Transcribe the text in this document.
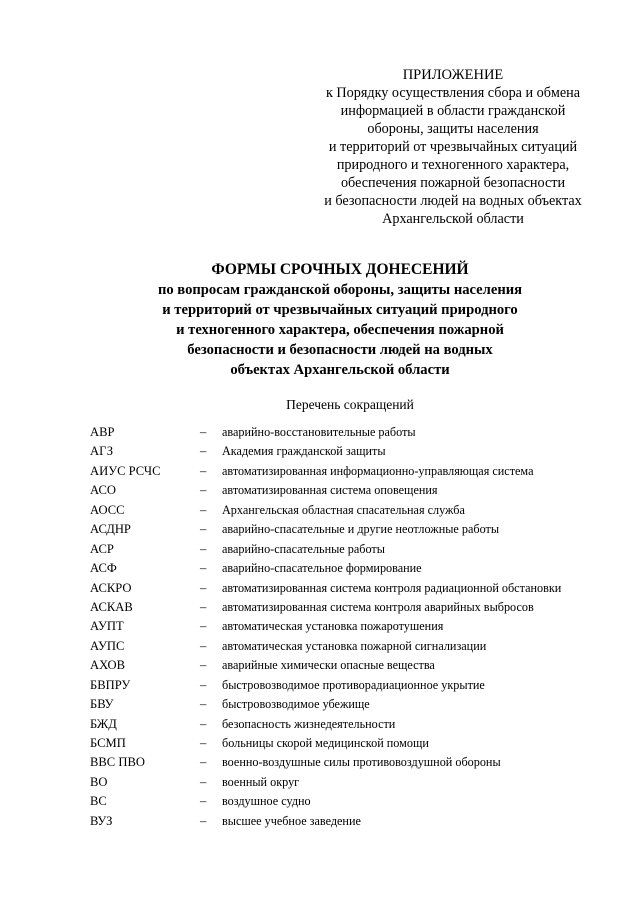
ПРИЛОЖЕНИЕ
к Порядку осуществления сбора и обмена
информацией в области гражданской
обороны, защиты населения
и территорий от чрезвычайных ситуаций
природного и техногенного характера,
обеспечения пожарной безопасности
и безопасности людей на водных объектах
Архангельской области
ФОРМЫ СРОЧНЫХ ДОНЕСЕНИЙ
по вопросам гражданской обороны, защиты населения
и территорий от чрезвычайных ситуаций природного
и техногенного характера, обеспечения пожарной
безопасности и безопасности людей на водных
объектах Архангельской области
Перечень сокращений
АВР	– аварийно-восстановительные работы
АГЗ	– Академия гражданской защиты
АИУС РСЧС	– автоматизированная информационно-управляющая система
АСО	– автоматизированная система оповещения
АОСС	– Архангельская областная спасательная служба
АСДНР	– аварийно-спасательные и другие неотложные работы
АСР	– аварийно-спасательные работы
АСФ	– аварийно-спасательное формирование
АСКРО	– автоматизированная система контроля радиационной обстановки
АСКАВ	– автоматизированная система контроля аварийных выбросов
АУПТ	– автоматическая установка пожаротушения
АУПС	– автоматическая установка пожарной сигнализации
АХОВ	– аварийные химически опасные вещества
БВПРУ	– быстровозводимое противорадиационное укрытие
БВУ	– быстровозводимое убежище
БЖД	– безопасность жизнедеятельности
БСМП	– больницы скорой медицинской помощи
ВВС ПВО	– военно-воздушные силы противовоздушной обороны
ВО	– военный округ
ВС	– воздушное судно
ВУЗ	– высшее учебное заведение
